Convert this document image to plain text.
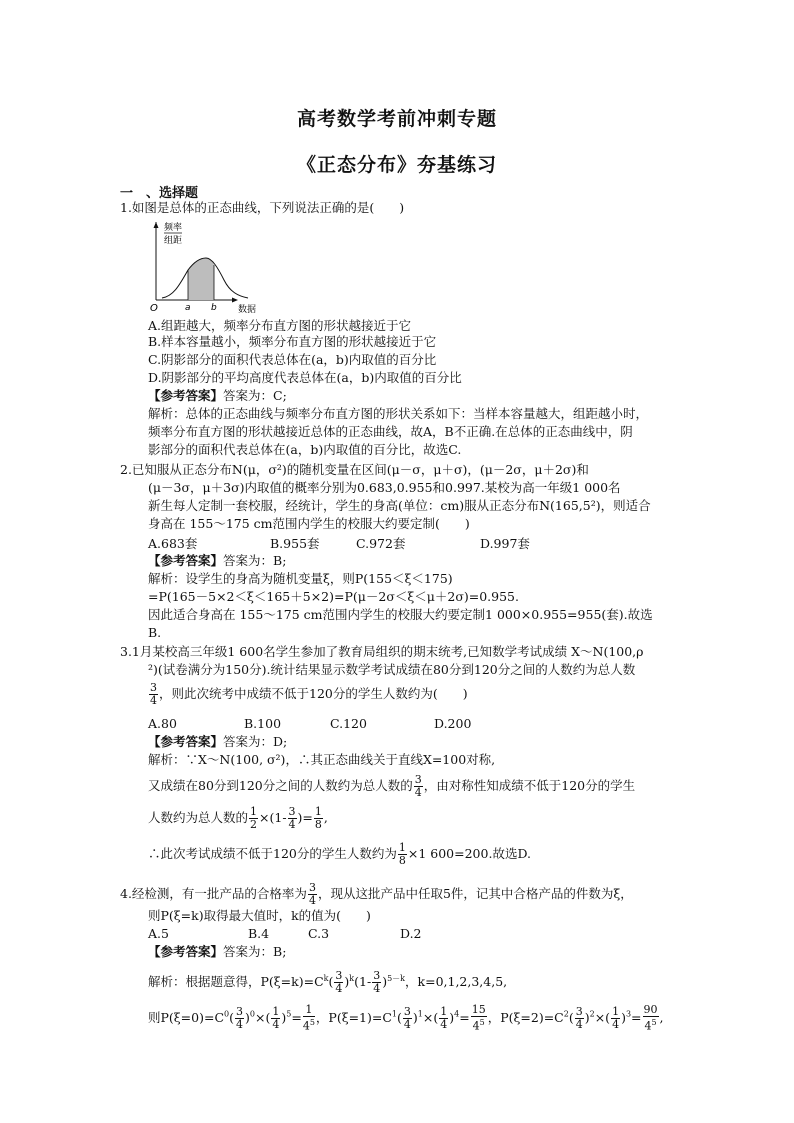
高考数学考前冲刺专题
《正态分布》夯基练习
一　、选择题
1.如图是总体的正态曲线，下列说法正确的是(　　)
频率
组距
O	a b 数据
A.组距越大，频率分布直方图的形状越接近于它
B.样本容量越小，频率分布直方图的形状越接近于它
C.阴影部分的面积代表总体在(a，b)内取值的百分比
D.阴影部分的平均高度代表总体在(a，b)内取值的百分比
【参考答案】答案为：C;
解析：总体的正态曲线与频率分布直方图的形状关系如下：当样本容量越大，组距越小时，
频率分布直方图的形状越接近总体的正态曲线，故A，B不正确.在总体的正态曲线中，阴
影部分的面积代表总体在(a，b)内取值的百分比，故选C.
2.已知服从正态分布N(μ，σ²)的随机变量在区间(μ－σ，μ＋σ)，(μ－2σ，μ＋2σ)和
(μ－3σ，μ＋3σ)内取值的概率分别为0.683,0.955和0.997.某校为高一年级1 000名
新生每人定制一套校服，经统计，学生的身高(单位：cm)服从正态分布N(165,5²)，则适合
身高在 155～175 cm范围内学生的校服大约要定制(　　)
A.683套	B.955套	C.972套	D.997套
【参考答案】答案为：B;
解析：设学生的身高为随机变量ξ，则P(155＜ξ＜175)
=P(165－5×2＜ξ＜165＋5×2)=P(μ－2σ＜ξ＜μ＋2σ)=0.955.
因此适合身高在 155～175 cm范围内学生的校服大约要定制1 000×0.955=955(套).故选
B.
3.1月某校高三年级1 600名学生参加了教育局组织的期末统考,已知数学考试成绩 X～N(100,ρ
²)(试卷满分为150分).统计结果显示数学考试成绩在80分到120分之间的人数约为总人数
$\frac{3}{4}$ ，则此次统考中成绩不低于120分的学生人数约为(　　)
A.80	B.100	C.120	D.200
【参考答案】答案为：D;
解析：∵X～N(100, σ²)，∴其正态曲线关于直线X=100对称,
又成绩在80分到120分之间的人数约为总人数的 $\frac{3}{4}$ ，由对称性知成绩不低于120分的学生
人数约为总人数的 $\frac{1}{2} \times(1- \frac{3}{4}$ )= $\frac{1}{8}$ ,
∴此次考试成绩不低于120分的学生人数约为 $\frac{1}{8} \times 1$ 600=200.故选D.
4.经检测，有一批产品的合格率为 $\frac{3}{4}$ ，现从这批产品中任取5件，记其中合格产品的件数为ξ，
则P(ξ=k)取得最大值时，k的值为(　　)
A.5	B.4	C.3	D.2
【参考答案】答案为：B;
解析：根据题意得，$P(\xi=k)=C^k( \frac{3}{4} )^k(1- \frac{3}{4} )^{5-k}$，k=0,1,2,3,4,5,
则$P(\xi=0)=C^0( \frac{3}{4} )^0\times( \frac{1}{4} )^5= \frac{1}{4^5}$ ，$P(\xi=1)=C^1( \frac{3}{4} )^1\times( \frac{1}{4} )^4= \frac{15}{4^5}$ ，$P(\xi=2)=C^2( \frac{3}{4} )^2\times( \frac{1}{4} )^3= \frac{90}{4^5}$ ,
